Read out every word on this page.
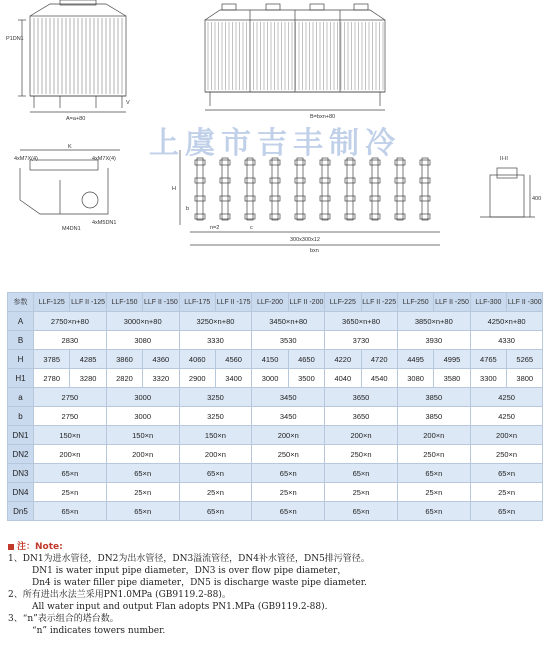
P1DN1
A=a+80
V
B=bxn+80
4xM7X(4)	4xM7X(4)
M4DN1
4xM5DN1
K
300x300x12
bxn
H
b
n=2	c
II-II
400
上虞市吉丰制冷
参数	LLF-125	LLF II -125	LLF-150	LLF II -150	LLF-175	LLF II -175	LLF-200	LLF II -200	LLF-225	LLF II -225	LLF-250	LLF II -250	LLF-300	LLF II -300
A	2750×n+80		3000×n+80		3250×n+80		3450×n+80		3650×n+80		3850×n+80		4250×n+80	
B	2830		3080		3330		3530		3730		3930		4330	
H	3785	4285	3860	4360	4060	4560	4150	4650	4220	4720	4495	4995	4765	5265
H1	2780	3280	2820	3320	2900	3400	3000	3500	4040	4540	3080	3580	3300	3800
a	2750		3000		3250		3450		3650		3850		4250	
b	2750		3000		3250		3450		3650		3850		4250	
DN1	150×n		150×n		150×n		200×n		200×n		200×n		200×n	
DN2	200×n		200×n		200×n		250×n		250×n		250×n		250×n	
DN3	65×n		65×n		65×n		65×n		65×n		65×n		65×n	
DN4	25×n		25×n		25×n		25×n		25×n		25×n		25×n	
Dn5	65×n		65×n		65×n		65×n		65×n		65×n		65×n	
注：Note:
1、DN1为进水管径，DN2为出水管径，DN3溢流管径，DN4补水管径，DN5排污管径。
DN1 is water input pipe diameter，DN3 is over flow pipe diameter，
Dn4 is water filler pipe diameter，DN5 is discharge waste pipe diameter.
2、所有进出水法兰采用PN1.0MPa (GB9119.2-88)。
All water input and output Flan adopts PN1.MPa (GB9119.2-88).
3、“n”表示组合的塔台数。
“n” indicates towers number.
